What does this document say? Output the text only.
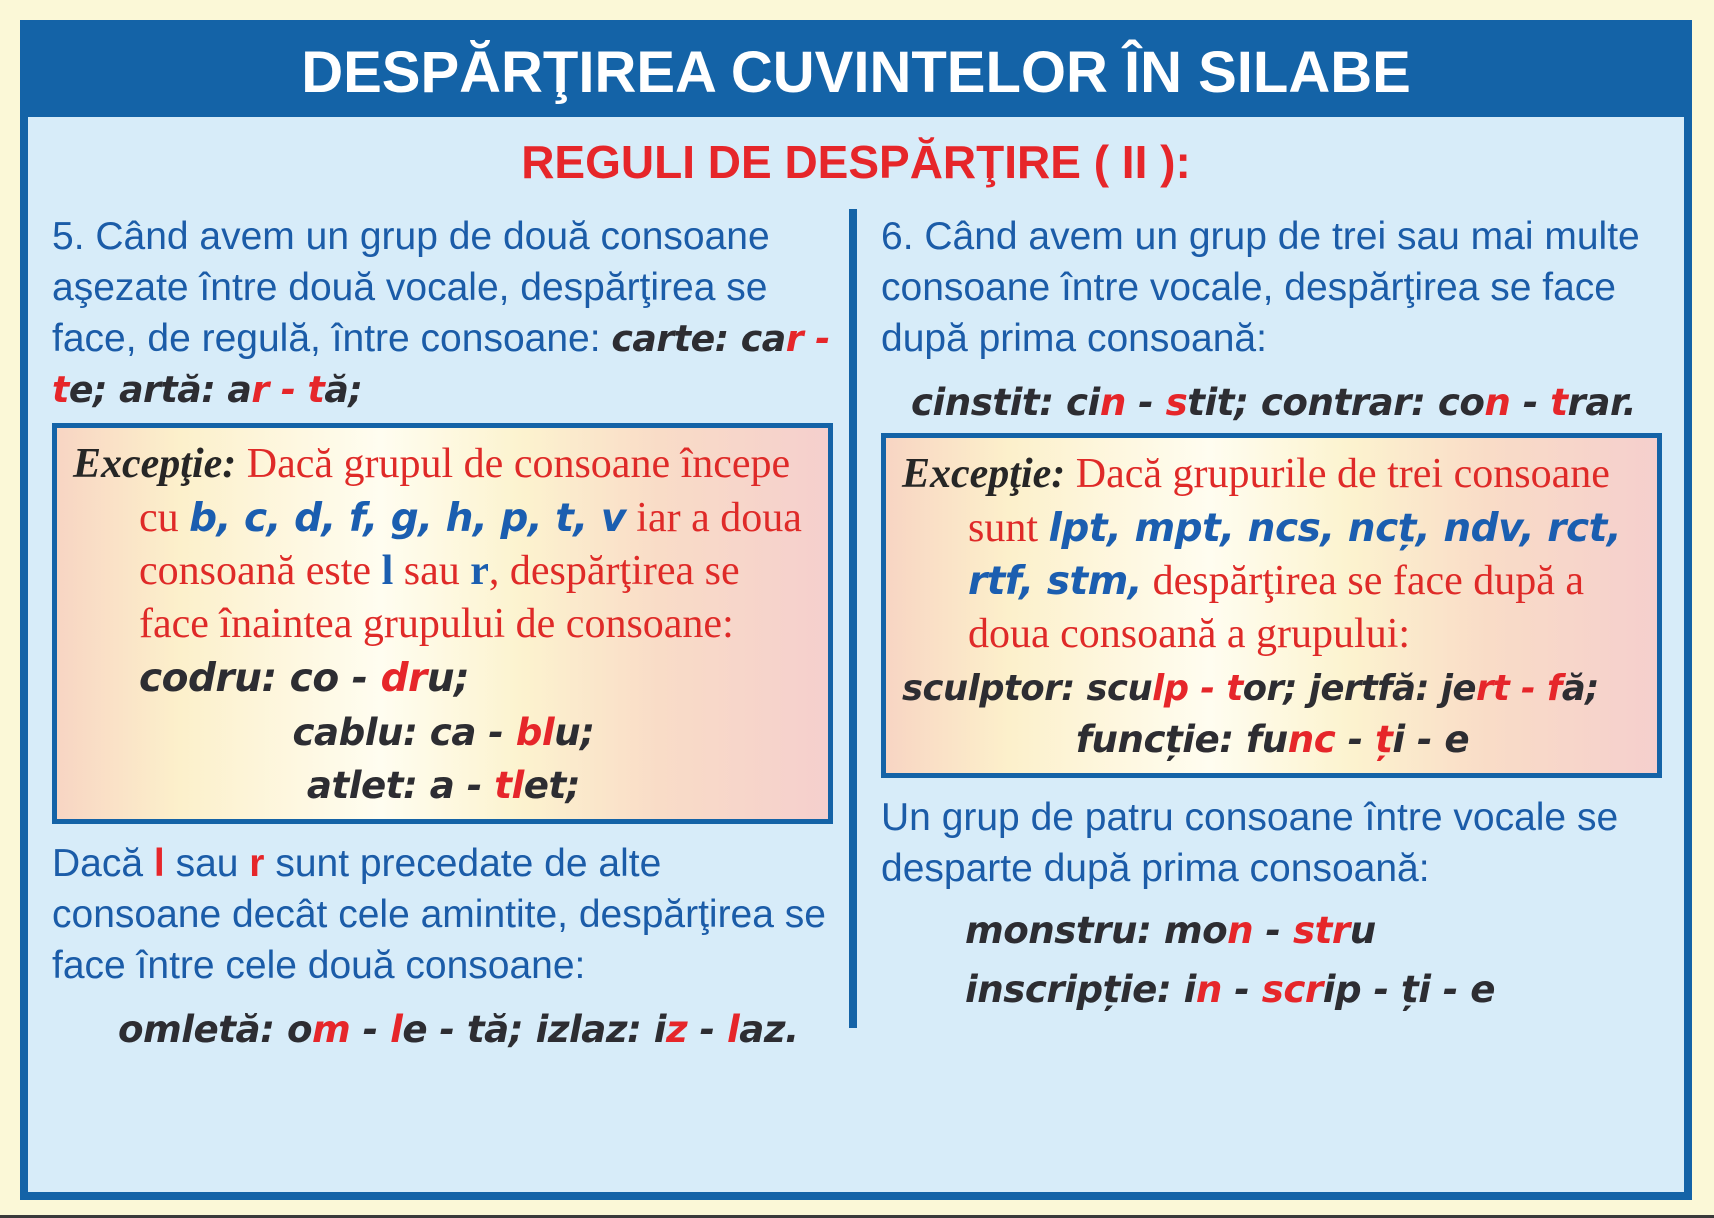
DESPĂRŢIREA CUVINTELOR ÎN SILABE
REGULI DE DESPĂRŢIRE ( II ):

5. Când avem un grup de două consoane aşezate între două vocale, despărţirea se face, de regulă, între consoane: carte: car - te; artă: ar - tă;

Excepţie: Dacă grupul de consoane începe cu b, c, d, f, g, h, p, t, v iar a doua consoană este l sau r, despărţirea se face înaintea grupului de consoane: codru: co - dru;

cablu: ca - blu;

atlet: a - tlet;

Dacă l sau r sunt precedate de alte consoane decât cele amintite, despărţirea se face între cele două consoane:

omletă: om - le - tă; izlaz: iz - laz.

6. Când avem un grup de trei sau mai multe consoane între vocale, despărţirea se face după prima consoană:

cinstit: cin - stit; contrar: con - trar.

Excepţie: Dacă grupurile de trei consoane sunt lpt, mpt, ncs, ncț, ndv, rct, rtf, stm, despărţirea se face după a doua consoană a grupului:

sculptor: sculp - tor; jertfă: jert - fă;

funcție: func - ți - e

Un grup de patru consoane între vocale se desparte după prima consoană:

monstru: mon - stru

inscripție: in - scrip - ți - e
